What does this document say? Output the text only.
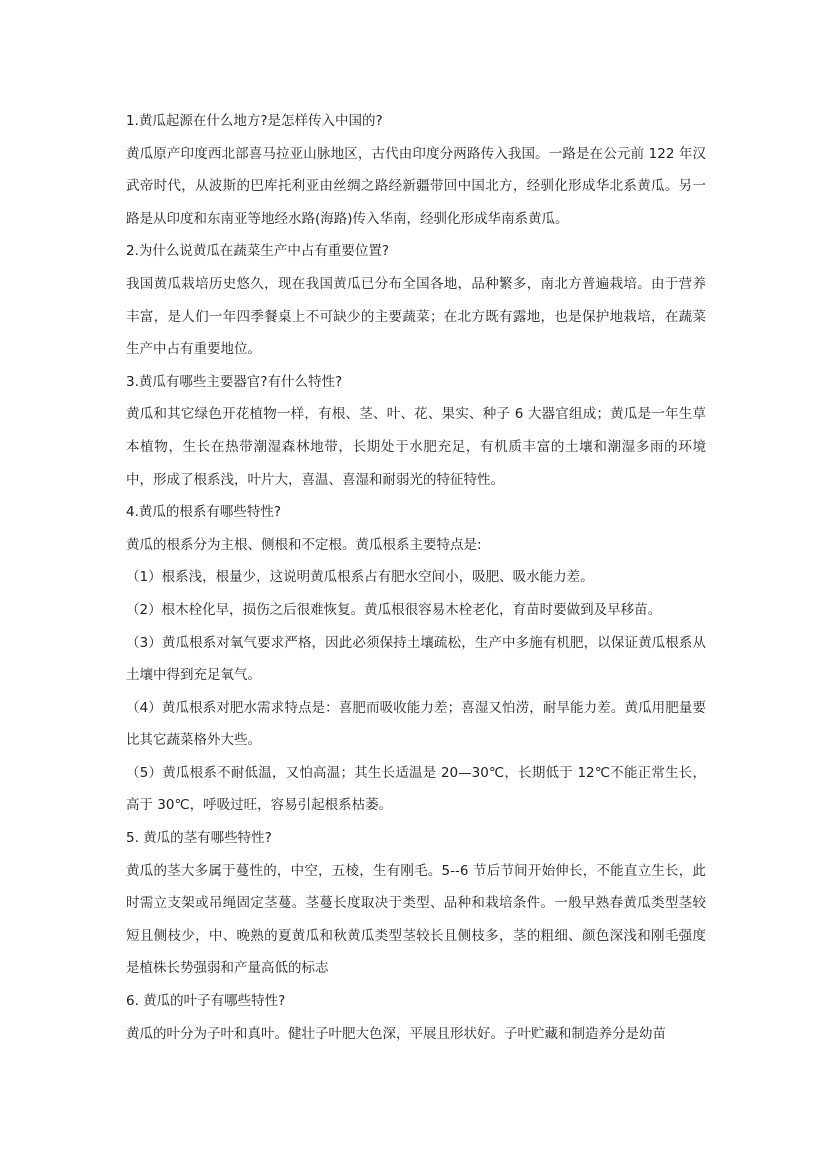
1.黄瓜起源在什么地方?是怎样传入中国的?

黄瓜原产印度西北部喜马拉亚山脉地区，古代由印度分两路传入我国。一路是在公元前 122 年汉武帝时代，从波斯的巴库托利亚由丝绸之路经新疆带回中国北方，经驯化形成华北系黄瓜。另一路是从印度和东南亚等地经水路(海路)传入华南，经驯化形成华南系黄瓜。

2.为什么说黄瓜在蔬菜生产中占有重要位置?

我国黄瓜栽培历史悠久，现在我国黄瓜已分布全国各地，品种繁多，南北方普遍栽培。由于营养丰富，是人们一年四季餐桌上不可缺少的主要蔬菜；在北方既有露地，也是保护地栽培，在蔬菜生产中占有重要地位。

3.黄瓜有哪些主要器官?有什么特性?

黄瓜和其它绿色开花植物一样，有根、茎、叶、花、果实、种子 6 大器官组成；黄瓜是一年生草本植物，生长在热带潮湿森林地带，长期处于水肥充足，有机质丰富的土壤和潮湿多雨的环境中，形成了根系浅，叶片大，喜温、喜湿和耐弱光的特征特性。

4.黄瓜的根系有哪些特性?

黄瓜的根系分为主根、侧根和不定根。黄瓜根系主要特点是:

（1）根系浅，根量少，这说明黄瓜根系占有肥水空间小，吸肥、吸水能力差。

（2）根木栓化早，损伤之后很难恢复。黄瓜根很容易木栓老化，育苗时要做到及早移苗。

（3）黄瓜根系对氧气要求严格，因此必须保持土壤疏松，生产中多施有机肥，以保证黄瓜根系从土壤中得到充足氧气。

（4）黄瓜根系对肥水需求特点是：喜肥而吸收能力差；喜湿又怕涝，耐旱能力差。黄瓜用肥量要比其它蔬菜格外大些。

（5）黄瓜根系不耐低温，又怕高温；其生长适温是 20—30℃，长期低于 12℃不能正常生长，高于 30℃，呼吸过旺，容易引起根系枯萎。

5. 黄瓜的茎有哪些特性?

黄瓜的茎大多属于蔓性的，中空，五棱，生有刚毛。5--6 节后节间开始伸长，不能直立生长，此时需立支架或吊绳固定茎蔓。茎蔓长度取决于类型、品种和栽培条件。一般早熟春黄瓜类型茎较短且侧枝少，中、晚熟的夏黄瓜和秋黄瓜类型茎较长且侧枝多，茎的粗细、颜色深浅和刚毛强度是植株长势强弱和产量高低的标志

6. 黄瓜的叶子有哪些特性?

黄瓜的叶分为子叶和真叶。健壮子叶肥大色深，平展且形状好。子叶贮藏和制造养分是幼苗
